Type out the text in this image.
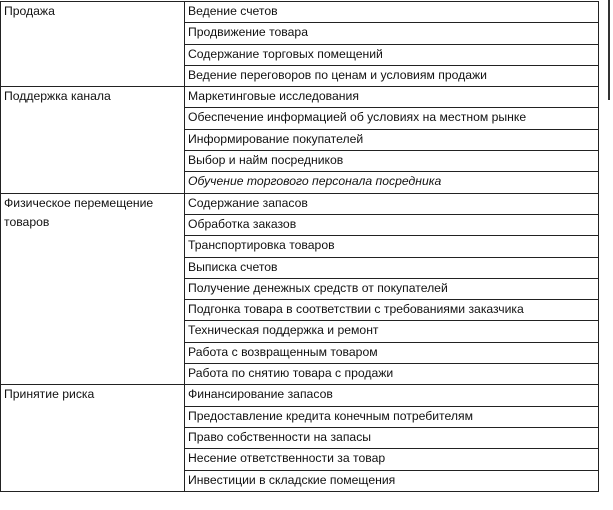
Продажа	Ведение счетов
	Продвижение товара
	Содержание торговых помещений
	Ведение переговоров по ценам и условиям продажи
Поддержка канала	Маркетинговые исследования
	Обеспечение информацией об условиях на местном рынке
	Информирование покупателей
	Выбор и найм посредников
	Обучение торгового персонала посредника
Физическое перемещение товаров	Содержание запасов
	Обработка заказов
	Транспортировка товаров
	Выписка счетов
	Получение денежных средств от покупателей
	Подгонка товара в соответствии с требованиями заказчика
	Техническая поддержка и ремонт
	Работа с возвращенным товаром
	Работа по снятию товара с продажи
Принятие риска	Финансирование запасов
	Предоставление кредита конечным потребителям
	Право собственности на запасы
	Несение ответственности за товар
	Инвестиции в складские помещения
